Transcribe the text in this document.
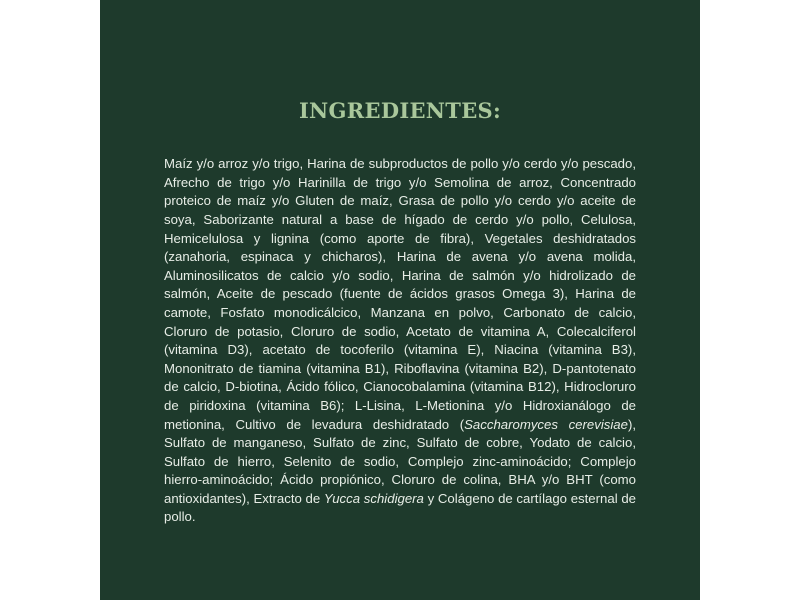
INGREDIENTES:

Maíz y/o arroz y/o trigo, Harina de subproductos de pollo y/o cerdo y/o pescado, Afrecho de trigo y/o Harinilla de trigo y/o Semolina de arroz, Concentrado proteico de maíz y/o Gluten de maíz, Grasa de pollo y/o cerdo y/o aceite de soya, Saborizante natural a base de hígado de cerdo y/o pollo, Celulosa, Hemicelulosa y lignina (como aporte de fibra), Vegetales deshidratados (zanahoria, espinaca y chicharos), Harina de avena y/o avena molida, Aluminosilicatos de calcio y/o sodio, Harina de salmón y/o hidrolizado de salmón, Aceite de pescado (fuente de ácidos grasos Omega 3), Harina de camote, Fosfato monodicálcico, Manzana en polvo, Carbonato de calcio, Cloruro de potasio, Cloruro de sodio, Acetato de vitamina A, Colecalciferol (vitamina D3), acetato de tocoferilo (vitamina E), Niacina (vitamina B3), Mononitrato de tiamina (vitamina B1), Riboflavina (vitamina B2), D-pantotenato de calcio, D-biotina, Ácido fólico, Cianocobalamina (vitamina B12), Hidrocloruro de piridoxina (vitamina B6); L-Lisina, L-Metionina y/o Hidroxianálogo de metionina, Cultivo de levadura deshidratado (Saccharomyces cerevisiae), Sulfato de manganeso, Sulfato de zinc, Sulfato de cobre, Yodato de calcio, Sulfato de hierro, Selenito de sodio, Complejo zinc-aminoácido; Complejo hierro-aminoácido; Ácido propiónico, Cloruro de colina, BHA y/o BHT (como antioxidantes), Extracto de Yucca schidigera y Colágeno de cartílago esternal de pollo.
